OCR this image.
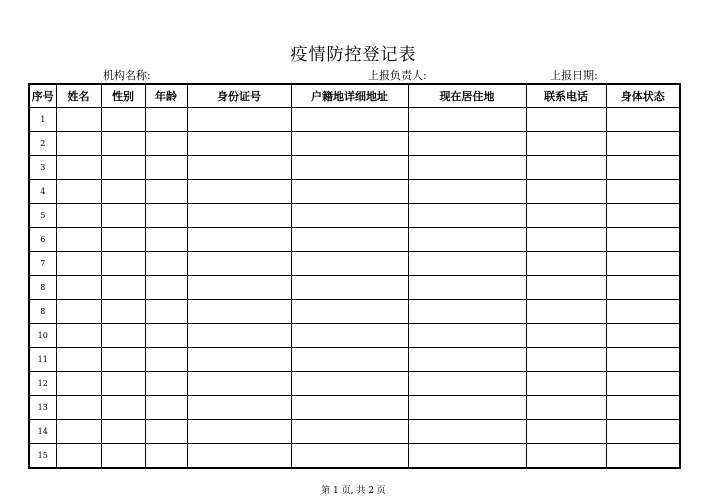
疫情防控登记表
机构名称:	上报负责人:	上报日期:
序号	姓名	性别	年龄	身份证号	户籍地详细地址	现在居住地	联系电话	身体状态
1								
2								
3								
4								
5								
6								
7								
8								
8								
10								
11								
12								
13								
14								
15								
第 1 页, 共 2 页
